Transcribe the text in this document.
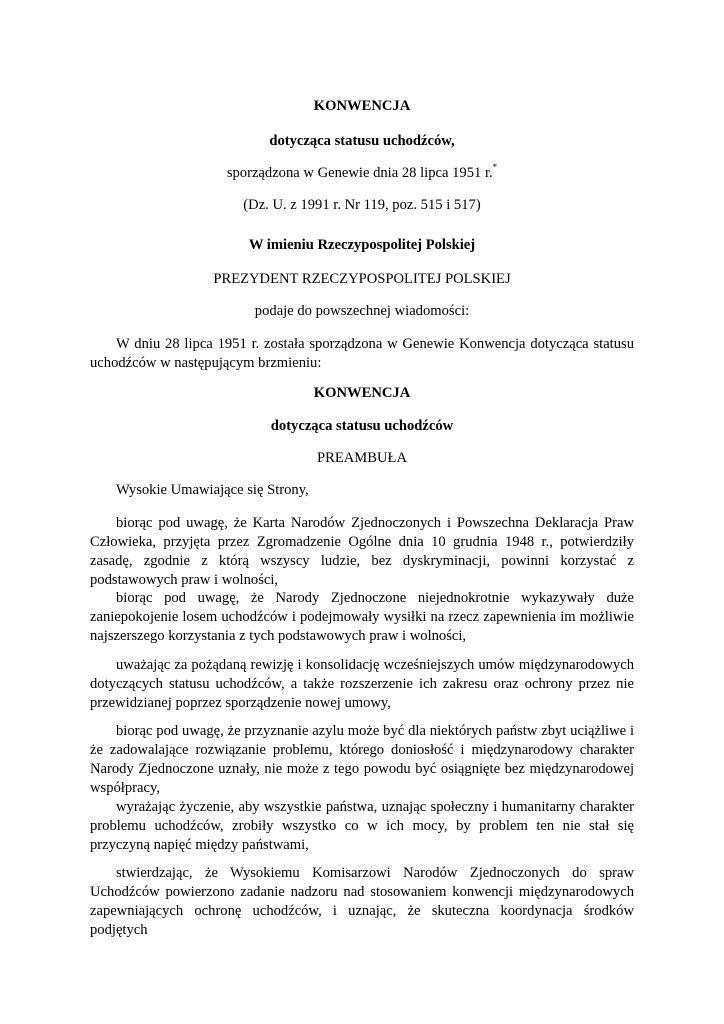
KONWENCJA
dotycząca statusu uchodźców,
sporządzona w Genewie dnia 28 lipca 1951 r.*
(Dz. U. z 1991 r. Nr 119, poz. 515 i 517)
W imieniu Rzeczypospolitej Polskiej
PREZYDENT RZECZYPOSPOLITEJ POLSKIEJ
podaje do powszechnej wiadomości:
W dniu 28 lipca 1951 r. została sporządzona w Genewie Konwencja dotycząca statusu uchodźców w następującym brzmieniu:
KONWENCJA
dotycząca statusu uchodźców
PREAMBUŁA
Wysokie Umawiające się Strony,
biorąc pod uwagę, że Karta Narodów Zjednoczonych i Powszechna Deklaracja Praw Człowieka, przyjęta przez Zgromadzenie Ogólne dnia 10 grudnia 1948 r., potwierdziły zasadę, zgodnie z którą wszyscy ludzie, bez dyskryminacji, powinni korzystać z podstawowych praw i wolności,
biorąc pod uwagę, że Narody Zjednoczone niejednokrotnie wykazywały duże zaniepokojenie losem uchodźców i podejmowały wysiłki na rzecz zapewnienia im możliwie najszerszego korzystania z tych podstawowych praw i wolności,
uważając za pożądaną rewizję i konsolidację wcześniejszych umów międzynarodowych dotyczących statusu uchodźców, a także rozszerzenie ich zakresu oraz ochrony przez nie przewidzianej poprzez sporządzenie nowej umowy,
biorąc pod uwagę, że przyznanie azylu może być dla niektórych państw zbyt uciążliwe i że zadowalające rozwiązanie problemu, którego doniosłość i międzynarodowy charakter Narody Zjednoczone uznały, nie może z tego powodu być osiągnięte bez międzynarodowej współpracy,
wyrażając życzenie, aby wszystkie państwa, uznając społeczny i humanitarny charakter problemu uchodźców, zrobiły wszystko co w ich mocy, by problem ten nie stał się przyczyną napięć między państwami,
stwierdzając, że Wysokiemu Komisarzowi Narodów Zjednoczonych do spraw Uchodźców powierzono zadanie nadzoru nad stosowaniem konwencji międzynarodowych zapewniających ochronę uchodźców, i uznając, że skuteczna koordynacja środków podjętych
